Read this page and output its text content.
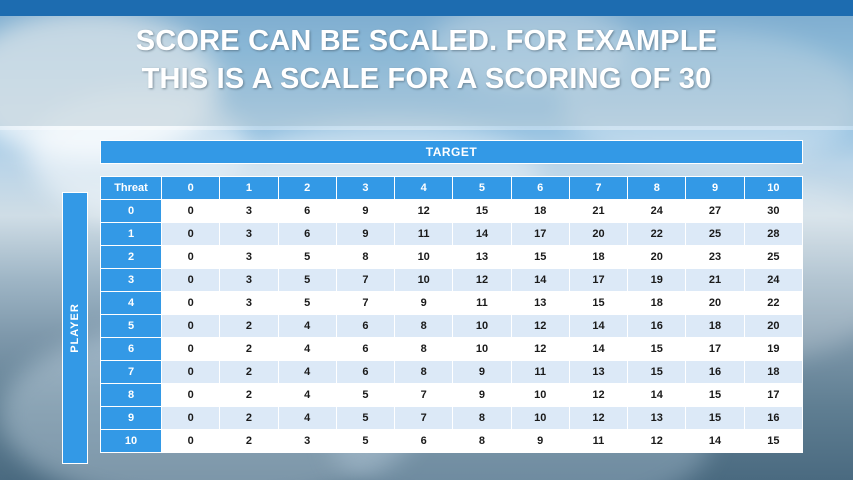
SCORE CAN BE SCALED. FOR EXAMPLE
THIS IS A SCALE FOR A SCORING OF 30
TARGET
PLAYER
Threat	0	1	2	3	4	5	6	7	8	9	10
0	0	3	6	9	12	15	18	21	24	27	30
1	0	3	6	9	11	14	17	20	22	25	28
2	0	3	5	8	10	13	15	18	20	23	25
3	0	3	5	7	10	12	14	17	19	21	24
4	0	3	5	7	9	11	13	15	18	20	22
5	0	2	4	6	8	10	12	14	16	18	20
6	0	2	4	6	8	10	12	14	15	17	19
7	0	2	4	6	8	9	11	13	15	16	18
8	0	2	4	5	7	9	10	12	14	15	17
9	0	2	4	5	7	8	10	12	13	15	16
10	0	2	3	5	6	8	9	11	12	14	15
